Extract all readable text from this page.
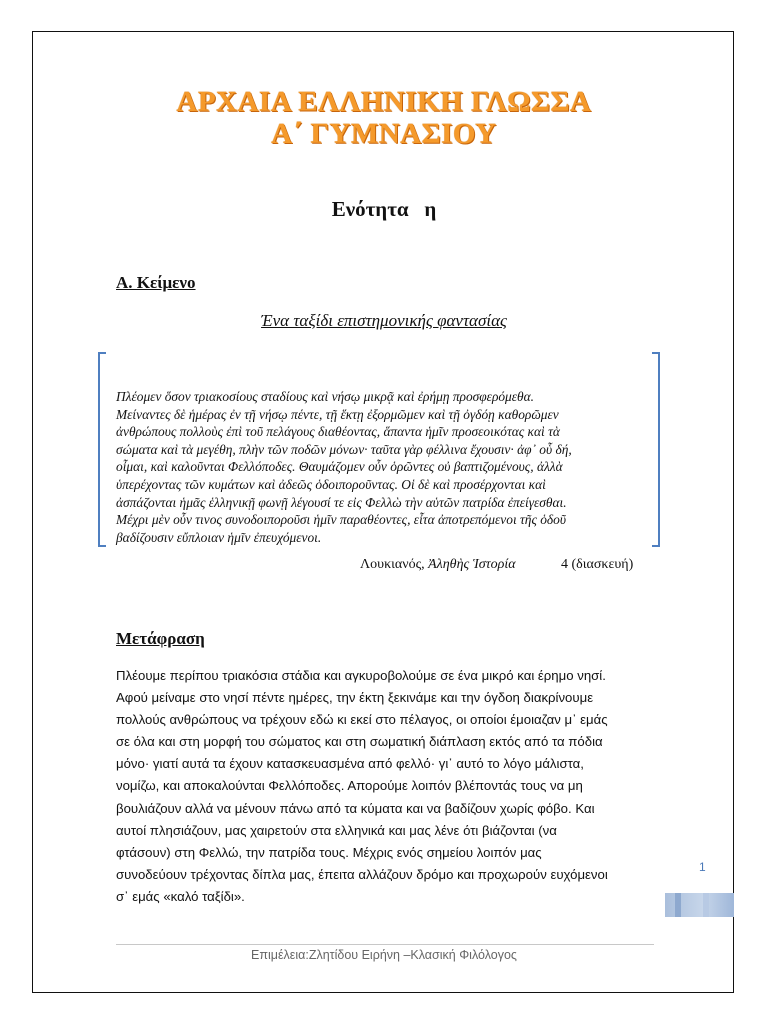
ΑΡΧΑΙΑ ΕΛΛΗΝΙΚΗ ΓΛΩΣΣΑ
Α΄ ΓΥΜΝΑΣΙΟΥ
Ενότητα   η
Α. Κείμενο
Ένα ταξίδι επιστημονικής φαντασίας
Πλέομεν ὅσον τριακοσίους σταδίους καὶ νήσῳ μικρᾷ καὶ ἐρήμῃ προσφερόμεθα.
Μείναντες δὲ ἡμέρας ἐν τῇ νήσῳ πέντε, τῇ ἕκτῃ ἐξορμῶμεν καὶ τῇ ὀγδόῃ καθορῶμεν
ἀνθρώπους πολλοὺς ἐπὶ τοῦ πελάγους διαθέοντας, ἅπαντα ἡμῖν προσεοικότας καὶ τὰ
σώματα καὶ τὰ μεγέθη, πλὴν τῶν ποδῶν μόνων· ταῦτα γὰρ φέλλινα ἔχουσιν· ἀφ᾽ οὗ δή,
οἶμαι, καὶ καλοῦνται Φελλόποδες. Θαυμάζομεν οὖν ὁρῶντες οὐ βαπτιζομένους, ἀλλὰ
ὑπερέχοντας τῶν κυμάτων καὶ ἀδεῶς ὁδοιποροῦντας. Οἱ δὲ καὶ προσέρχονται καὶ
ἀσπάζονται ἡμᾶς ἑλληνικῇ φωνῇ λέγουσί τε εἰς Φελλὼ τὴν αὑτῶν πατρίδα ἐπείγεσθαι.
Μέχρι μὲν οὖν τινος συνοδοιποροῦσι ἡμῖν παραθέοντες, εἶτα ἀποτρεπόμενοι τῆς ὁδοῦ
βαδίζουσιν εὔπλοιαν ἡμῖν ἐπευχόμενοι.
Λουκιανός, Ἀληθὴς Ἱστορία	4 (διασκευή)
Μετάφραση
Πλέουμε περίπου τριακόσια στάδια και αγκυροβολούμε σε ένα μικρό και έρημο νησί.
Αφού μείναμε στο νησί πέντε ημέρες, την έκτη ξεκινάμε και την όγδοη διακρίνουμε
πολλούς ανθρώπους να τρέχουν εδώ κι εκεί στο πέλαγος, οι οποίοι έμοιαζαν μ᾽ εμάς
σε όλα και στη μορφή του σώματος και στη σωματική διάπλαση εκτός από τα πόδια
μόνο· γιατί αυτά τα έχουν κατασκευασμένα από φελλό· γι᾽ αυτό το λόγο μάλιστα,
νομίζω, και αποκαλούνται Φελλόποδες. Απορούμε λοιπόν βλέποντάς τους να μη
βουλιάζουν αλλά να μένουν πάνω από τα κύματα και να βαδίζουν χωρίς φόβο. Και
αυτοί πλησιάζουν, μας χαιρετούν στα ελληνικά και μας λένε ότι βιάζονται (να
φτάσουν) στη Φελλώ, την πατρίδα τους. Μέχρις ενός σημείου λοιπόν μας
συνοδεύουν τρέχοντας δίπλα μας, έπειτα αλλάζουν δρόμο και προχωρούν ευχόμενοι
σ᾽ εμάς «καλό ταξίδι».
1
Επιμέλεια:Ζλητίδου Ειρήνη –Κλασική Φιλόλογος
